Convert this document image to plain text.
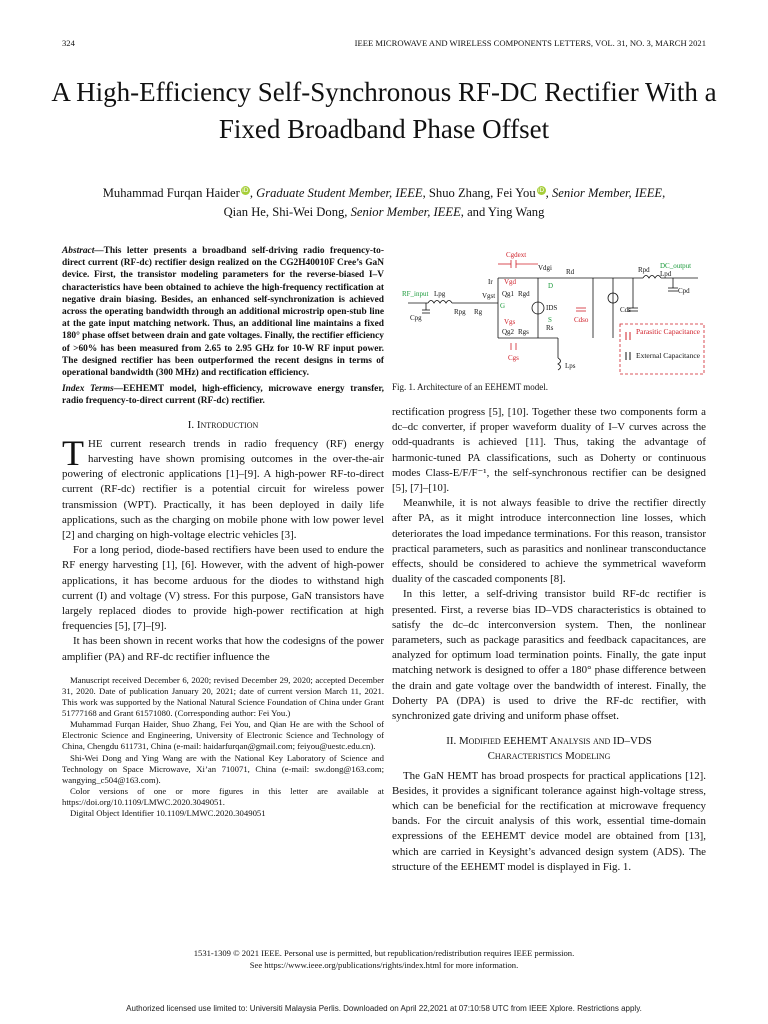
324	IEEE MICROWAVE AND WIRELESS COMPONENTS LETTERS, VOL. 31, NO. 3, MARCH 2021
A High-Efficiency Self-Synchronous RF-DC Rectifier With a Fixed Broadband Phase Offset
Muhammad Furqan Haider iD, Graduate Student Member, IEEE, Shuo Zhang, Fei You iD, Senior Member, IEEE,
Qian He, Shi-Wei Dong, Senior Member, IEEE, and Ying Wang

Abstract—This letter presents a broadband self-driving radio frequency-to-direct current (RF-dc) rectifier design realized on the CG2H40010F Cree’s GaN device. First, the transistor modeling parameters for the reverse-biased I–V characteristics have been obtained to achieve the high-frequency rectification at negative drain biasing. Besides, an enhanced self-synchronization is achieved across the operating bandwidth through an additional microstrip open-stub line at the gate input matching network. Thus, an additional line maintains a fixed 180° phase offset between drain and gate voltages. Finally, the rectifier efficiency of >60% has been measured from 2.65 to 2.95 GHz for 10-W RF input power. The designed rectifier has been outperformed the recent designs in terms of operational bandwidth (300 MHz) and rectification efficiency.

Index Terms—EEHEMT model, high-efficiency, microwave energy transfer, radio frequency-to-direct current (RF-dc) rectifier.

I. Introduction

THE current research trends in radio frequency (RF) energy harvesting have shown promising outcomes in the over-the-air powering of electronic applications [1]–[9]. A high-power RF-to-direct current (RF-dc) rectifier is a potential circuit for wireless power transmission (WPT). Practically, it has been deployed in daily life applications, such as the charging on mobile phone with low power level [2] and charging on high-voltage electric vehicles [3].

For a long period, diode-based rectifiers have been used to endure the RF energy harvesting [1], [6]. However, with the advent of high-power applications, it has become arduous for the diodes to withstand high current (I) and voltage (V) stress. For this purpose, GaN transistors have largely replaced diodes to provide high-power rectification at high frequencies [5], [7]–[9].

It has been shown in recent works that how the codesigns of the power amplifier (PA) and RF-dc rectifier influence the

Manuscript received December 6, 2020; revised December 29, 2020; accepted December 31, 2020. Date of publication January 20, 2021; date of current version March 11, 2021. This work was supported by the National Natural Science Foundation of China under Grant 51777168 and Grant 61571080. (Corresponding author: Fei You.)

Muhammad Furqan Haider, Shuo Zhang, Fei You, and Qian He are with the School of Electronic Science and Engineering, University of Electronic Science and Technology of China, Chengdu 611731, China (e-mail: haidarfurqan@gmail.com; feiyou@uestc.edu.cn).

Shi-Wei Dong and Ying Wang are with the National Key Laboratory of Science and Technology on Space Microwave, Xi’an 710071, China (e-mail: sw.dong@163.com; wangying_c504@163.com).

Color versions of one or more figures in this letter are available at https://doi.org/10.1109/LMWC.2020.3049051.

Digital Object Identifier 10.1109/LMWC.2020.3049051

Parasitic Capacitance
External Capacitance
RF_input
DC_output
Cgdext
Rd	Rpd Lpd
Lpg
Cpg
Rpg Rg
Cgs
Rs
Lps
Cds
Cdso
Cpd
IDS
Rgd
Rgs
Qg1
Qg2
Vgd
Vgs
Vdgi
Vgst
Ir
G
D
S
Fig. 1. Architecture of an EEHEMT model.

rectification progress [5], [10]. Together these two components form a dc–dc converter, if proper waveform duality of I–V curves across the odd-quadrants is achieved [11]. Thus, taking the advantage of harmonic-tuned PA classifications, such as Doherty or continuous modes Class-E/F/F⁻¹, the self-synchronous rectifier can be designed [5], [7]–[10].

Meanwhile, it is not always feasible to drive the rectifier directly after PA, as it might introduce interconnection line losses, which deteriorates the load impedance terminations. For this reason, transistor practical parameters, such as parasitics and nonlinear transconductance effects, should be considered to achieve the symmetrical waveform duality of the cascaded components [8].

In this letter, a self-driving transistor build RF-dc rectifier is presented. First, a reverse bias ID–VDS characteristics is obtained to satisfy the dc–dc interconversion system. Then, the nonlinear parameters, such as package parasitics and feedback capacitances, are analyzed for optimum load termination points. Finally, the gate input matching network is designed to offer a 180° phase difference between the drain and gate voltage over the bandwidth of interest. Finally, the Doherty PA (DPA) is used to drive the RF-dc rectifier, with synchronized gate driving and uniform phase offset.

II. Modified EEHEMT Analysis and ID–VDS
Characteristics Modeling

The GaN HEMT has broad prospects for practical applications [12]. Besides, it provides a significant tolerance against high-voltage stress, which can be beneficial for the rectification at microwave frequency bands. For the circuit analysis of this work, essential time-domain expressions of the EEHEMT device model are obtained from [13], which are carried in Keysight’s advanced design system (ADS). The structure of the EEHEMT model is displayed in Fig. 1.

1531-1309 © 2021 IEEE. Personal use is permitted, but republication/redistribution requires IEEE permission.
See https://www.ieee.org/publications/rights/index.html for more information.
Authorized licensed use limited to: Universiti Malaysia Perlis. Downloaded on April 22,2021 at 07:10:58 UTC from IEEE Xplore. Restrictions apply.
